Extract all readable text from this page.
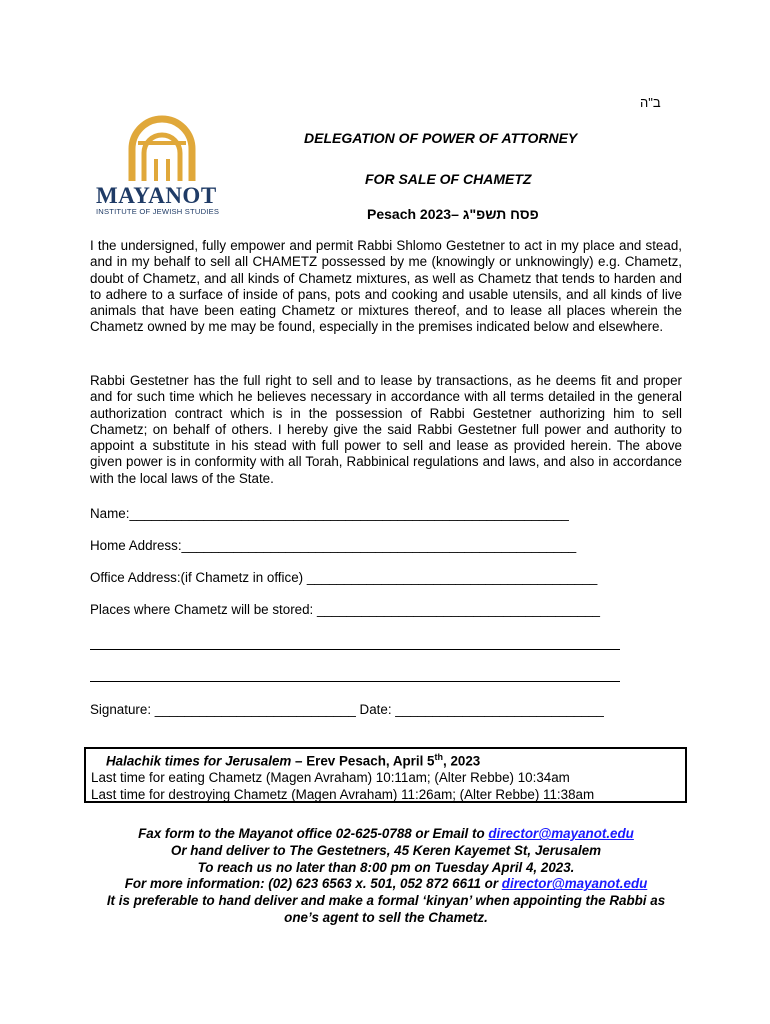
ב"ה
MAYANOT
INSTITUTE OF JEWISH STUDIES
DELEGATION OF POWER OF ATTORNEY
FOR SALE OF CHAMETZ
Pesach 2023– פסח תשפ"ג
I the undersigned, fully empower and permit Rabbi Shlomo Gestetner to act in my place and stead, and in my behalf to sell all CHAMETZ possessed by me (knowingly or unknowingly) e.g. Chametz, doubt of Chametz, and all kinds of Chametz mixtures, as well as Chametz that tends to harden and to adhere to a surface of inside of pans, pots and cooking and usable utensils, and all kinds of live animals that have been eating Chametz or mixtures thereof, and to lease all places wherein the Chametz owned by me may be found, especially in the premises indicated below and elsewhere.
Rabbi Gestetner has the full right to sell and to lease by transactions, as he deems fit and proper and for such time which he believes necessary in accordance with all terms detailed in the general authorization contract which is in the possession of Rabbi Gestetner authorizing him to sell Chametz; on behalf of others. I hereby give the said Rabbi Gestetner full power and authority to appoint a substitute in his stead with full power to sell and lease as provided herein. The above given power is in conformity with all Torah, Rabbinical regulations and laws, and also in accordance with the local laws of the State.
Name:___________________________________________________________
Home Address:_____________________________________________________
Office Address:(if Chametz in office) _______________________________________
Places where Chametz will be stored: ______________________________________
Signature: ___________________________ Date: ____________________________
Halachik times for Jerusalem – Erev Pesach, April 5th, 2023
Last time for eating Chametz (Magen Avraham) 10:11am; (Alter Rebbe) 10:34am
Last time for destroying Chametz (Magen Avraham) 11:26am; (Alter Rebbe) 11:38am
Fax form to the Mayanot office 02-625-0788 or Email to director@mayanot.edu
Or hand deliver to The Gestetners, 45 Keren Kayemet St, Jerusalem
To reach us no later than 8:00 pm on Tuesday April 4, 2023.
For more information: (02) 623 6563 x. 501, 052 872 6611 or director@mayanot.edu
It is preferable to hand deliver and make a formal ‘kinyan’ when appointing the Rabbi as one’s agent to sell the Chametz.
